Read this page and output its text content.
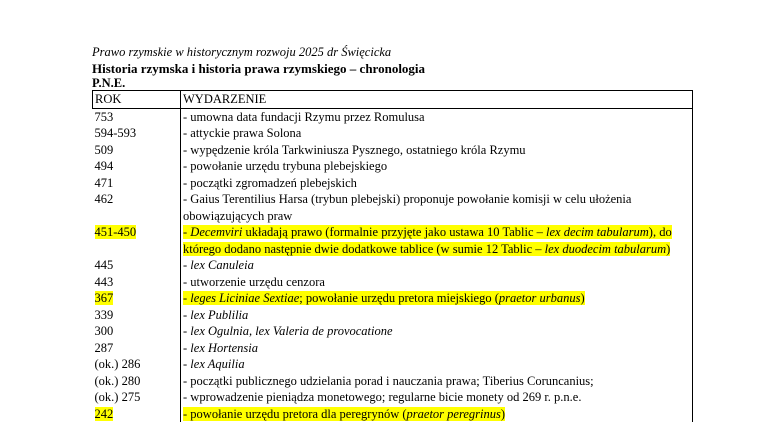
Prawo rzymskie w historycznym rozwoju 2025 dr Święcicka
Historia rzymska i historia prawa rzymskiego – chronologia
P.N.E.
ROK	WYDARZENIE
753	- umowna data fundacji Rzymu przez Romulusa
594-593	- attyckie prawa Solona
509	- wypędzenie króla Tarkwiniusza Pysznego, ostatniego króla Rzymu
494	- powołanie urzędu trybuna plebejskiego
471	- początki zgromadzeń plebejskich
462	- Gaius Terentilius Harsa (trybun plebejski) proponuje powołanie komisji w celu ułożenia obowiązujących praw
451-450	- Decemviri układają prawo (formalnie przyjęte jako ustawa 10 Tablic – lex decim tabularum), do którego dodano następnie dwie dodatkowe tablice (w sumie 12 Tablic – lex duodecim tabularum)
445	- lex Canuleia
443	- utworzenie urzędu cenzora
367	- leges Liciniae Sextiae; powołanie urzędu pretora miejskiego (praetor urbanus)
339	- lex Publilia
300	- lex Ogulnia, lex Valeria de provocatione
287	- lex Hortensia
(ok.) 286	- lex Aquilia
(ok.) 280	- początki publicznego udzielania porad i nauczania prawa; Tiberius Coruncanius;
(ok.) 275	- wprowadzenie pieniądza monetowego; regularne bicie monety od 269 r. p.n.e.
242	- powołanie urzędu pretora dla peregrynów (praetor peregrinus)
